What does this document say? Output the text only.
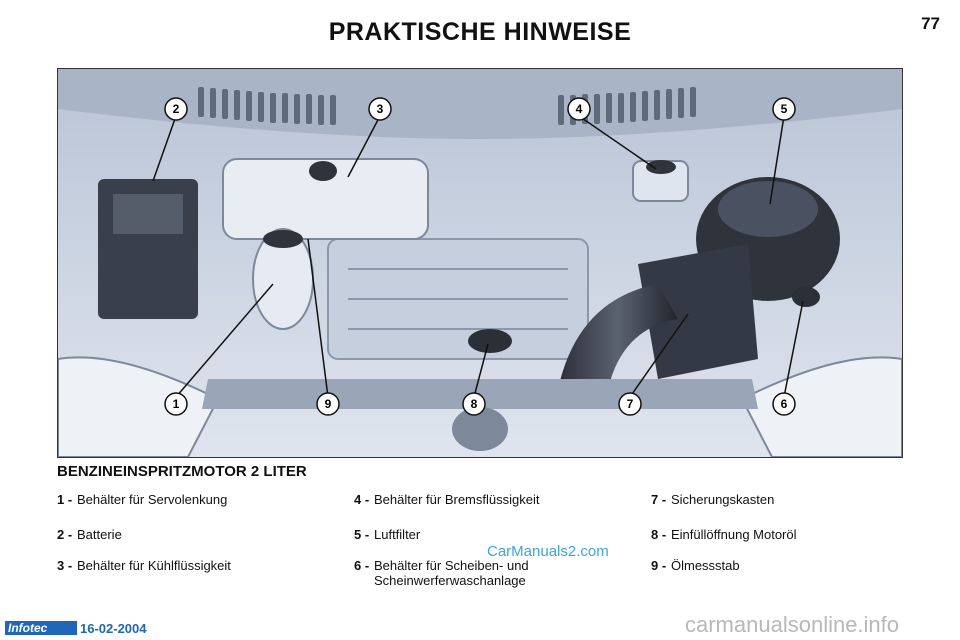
PRAKTISCHE HINWEISE	77
2	3	4	5
1	9	8	7	6
BENZINEINSPRITZMOTOR 2 LITER
1 - Behälter für Servolenkung
2 - Batterie
3 - Behälter für Kühlflüssigkeit
4 - Behälter für Bremsflüssigkeit
5 - Luftfilter
6 - Behälter für Scheiben- und Scheinwerferwaschanlage
7 - Sicherungskasten
8 - Einfüllöffnung Motoröl
9 - Ölmessstab
CarManuals2.com
Infotec	16-02-2004	carmanualsonline.info
